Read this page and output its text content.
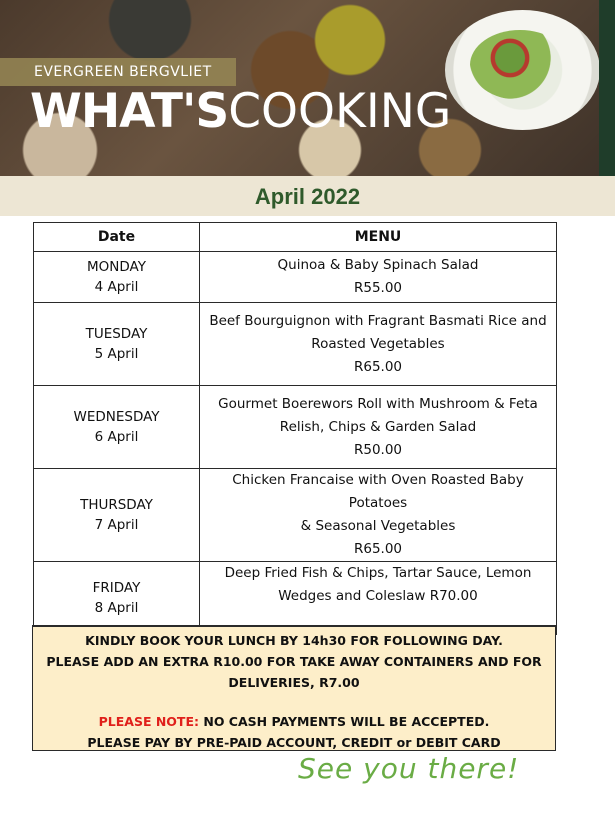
EVERGREEN BERGVLIET
WHAT'SCOOKING
April 2022
Date	MENU
MONDAY
4 April	Quinoa & Baby Spinach Salad
R55.00
TUESDAY
5 April	Beef Bourguignon with Fragrant Basmati Rice and
Roasted Vegetables
R65.00
WEDNESDAY
6 April	Gourmet Boerewors Roll with Mushroom & Feta
Relish, Chips & Garden Salad
R50.00
THURSDAY
7 April	Chicken Francaise with Oven Roasted Baby Potatoes
& Seasonal Vegetables
R65.00
FRIDAY
8 April	Deep Fried Fish & Chips, Tartar Sauce, Lemon
Wedges and Coleslaw R70.00
KINDLY BOOK YOUR LUNCH BY 14h30 FOR FOLLOWING DAY.
PLEASE ADD AN EXTRA R10.00 FOR TAKE AWAY CONTAINERS AND FOR
DELIVERIES, R7.00
PLEASE NOTE: NO CASH PAYMENTS WILL BE ACCEPTED.
PLEASE PAY BY PRE-PAID ACCOUNT, CREDIT or DEBIT CARD
See you there!
